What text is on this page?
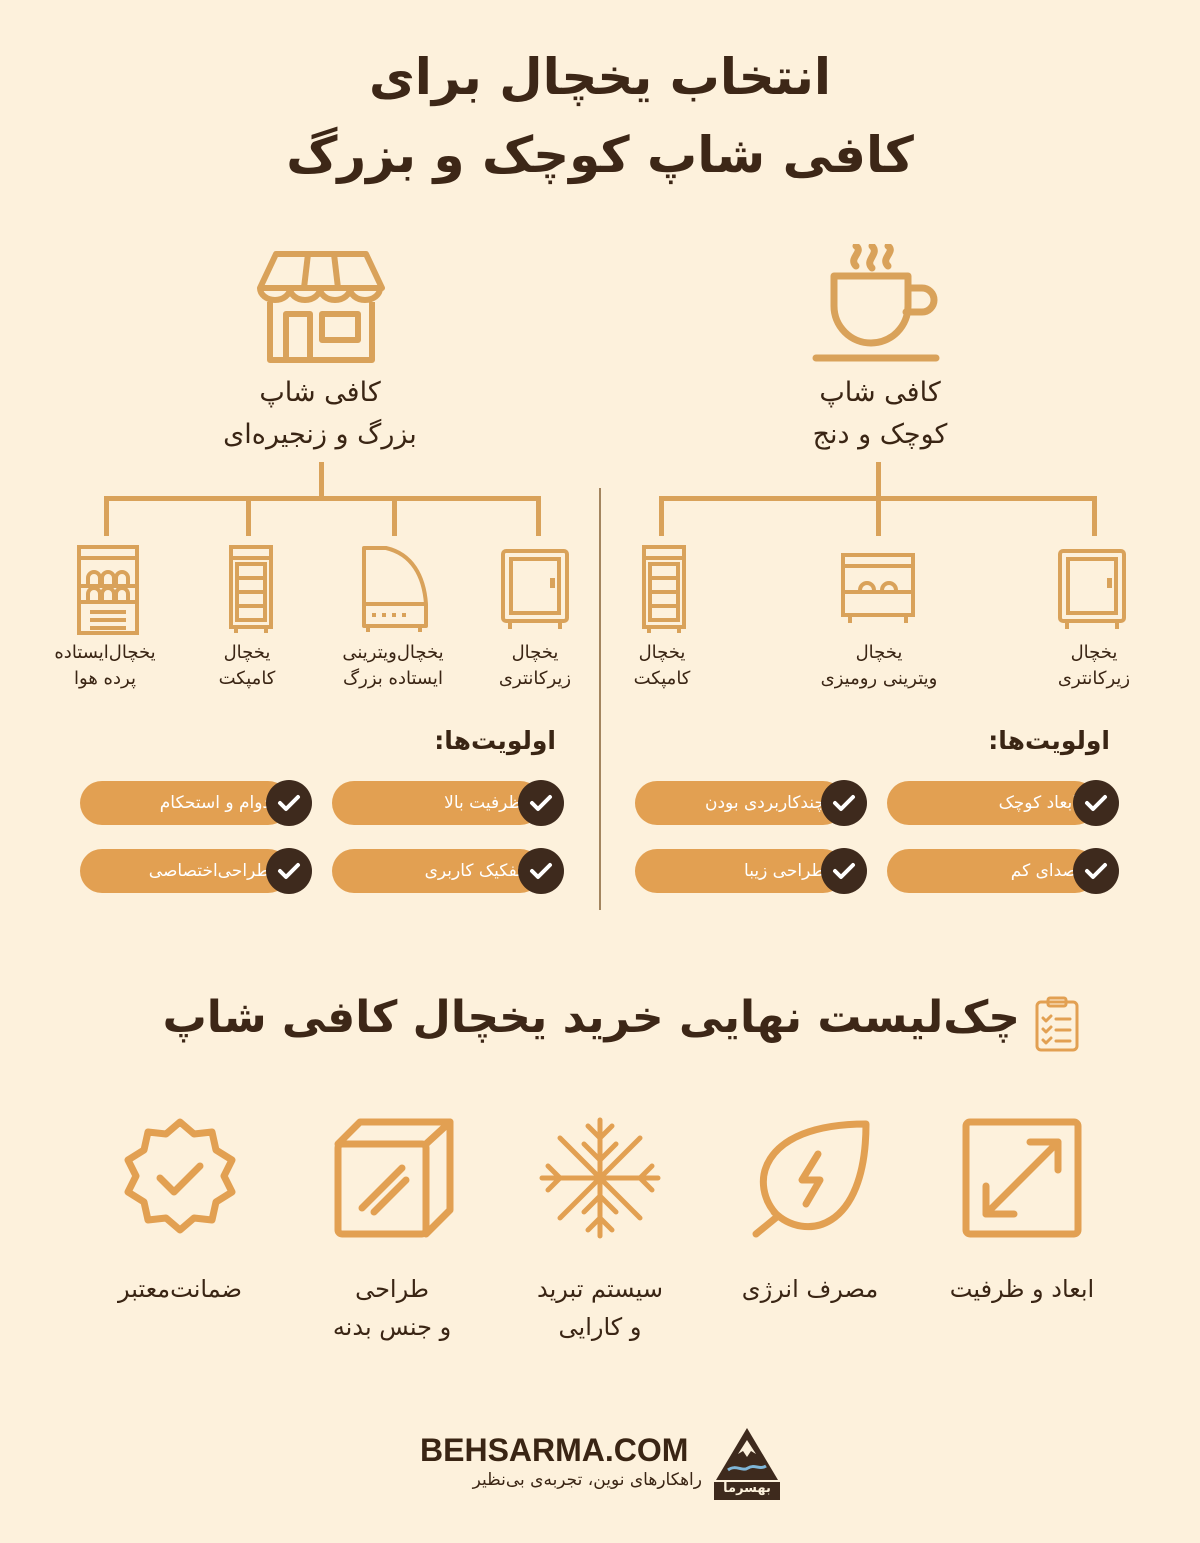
انتخاب یخچال برای
کافی شاپ کوچک و بزرگ
کافی شاپ
کوچک و دنج
یخچال
زیرکانتری
یخچال
ویترینی رومیزی
یخچال
کامپکت
اولویت‌ها:
ابعاد کوچک
چندکاربردی بودن
صدای کم
طراحی زیبا
کافی شاپ
بزرگ و زنجیره‌ای
یخچال
زیرکانتری
یخچال‌ویترینی
ایستاده بزرگ
یخچال
کامپکت
یخچال‌ایستاده
پرده هوا
اولویت‌ها:
ظرفیت بالا
دوام و استحکام
تفکیک کاربری
طراحی‌اختصاصی
چک‌لیست نهایی خرید یخچال کافی شاپ
ابعاد و ظرفیت
مصرف انرژی
سیستم تبرید
و کارایی
طراحی
و جنس بدنه
ضمانت‌معتبر
BEHSARMA.COM
راهکارهای نوین، تجربه‌ی بی‌نظیر	بهسرما
